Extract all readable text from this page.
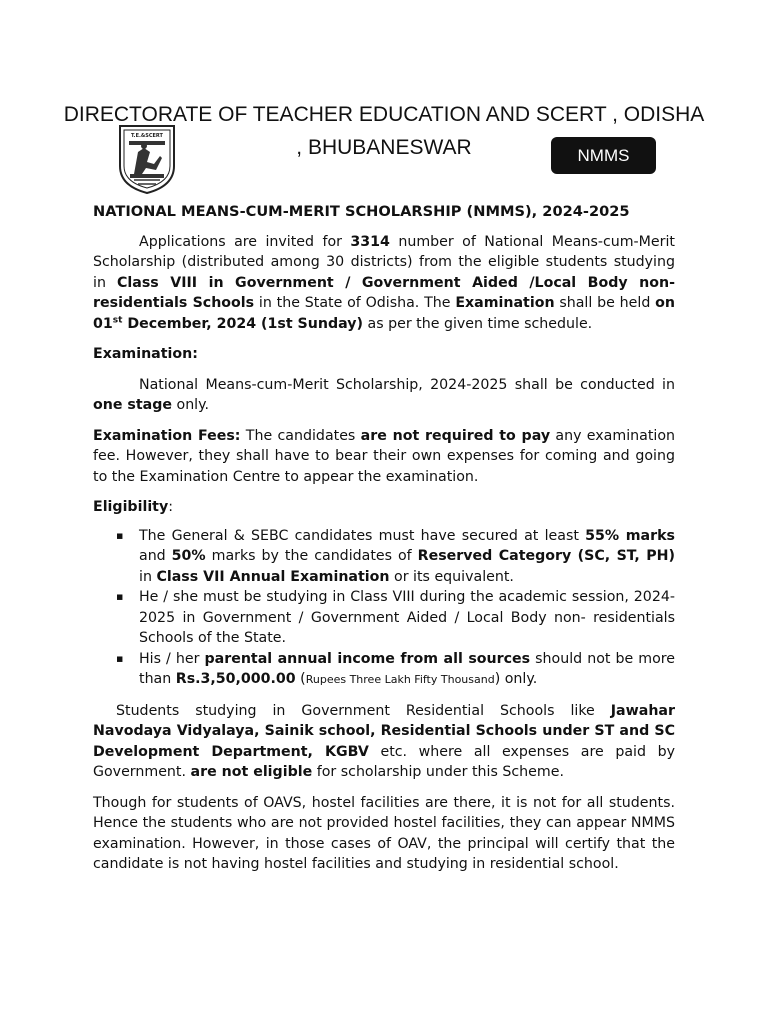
DIRECTORATE OF TEACHER EDUCATION AND SCERT , ODISHA
, BHUBANESWAR
T.E.&SCERT
NMMS

NATIONAL MEANS-CUM-MERIT SCHOLARSHIP (NMMS), 2024-2025

Applications are invited for 3314 number of National Means-cum-Merit Scholarship (distributed among 30 districts) from the eligible students studying in Class VIII in Government / Government Aided /Local Body non- residentials Schools in the State of Odisha. The Examination shall be held on 01st December, 2024 (1st Sunday) as per the given time schedule.

Examination:

National Means-cum-Merit Scholarship, 2024-2025 shall be conducted in one stage only.

Examination Fees: The candidates are not required to pay any examination fee. However, they shall have to bear their own expenses for coming and going to the Examination Centre to appear the examination.

Eligibility:

▪ The General & SEBC candidates must have secured at least 55% marks and 50% marks by the candidates of Reserved Category (SC, ST, PH) in Class VII Annual Examination or its equivalent.
▪ He / she must be studying in Class VIII during the academic session, 2024-2025 in Government / Government Aided / Local Body non- residentials Schools of the State.
▪ His / her parental annual income from all sources should not be more than Rs.3,50,000.00 (Rupees Three Lakh Fifty Thousand) only.

Students studying in Government Residential Schools like Jawahar Navodaya Vidyalaya, Sainik school, Residential Schools under ST and SC Development Department, KGBV etc. where all expenses are paid by Government. are not eligible for scholarship under this Scheme.

Though for students of OAVS, hostel facilities are there, it is not for all students. Hence the students who are not provided hostel facilities, they can appear NMMS examination. However, in those cases of OAV, the principal will certify that the candidate is not having hostel facilities and studying in residential school.
